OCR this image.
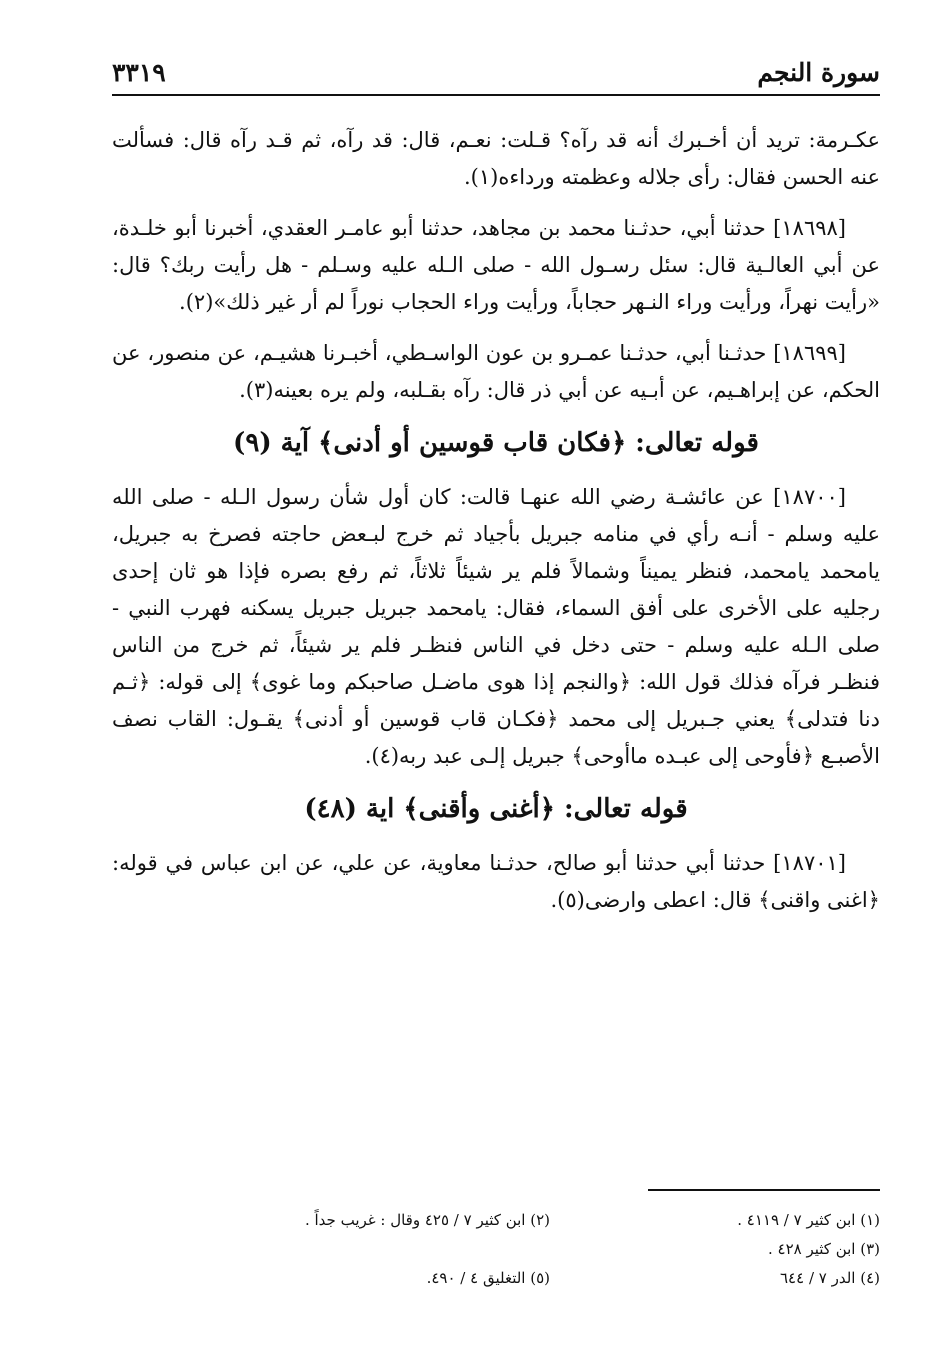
سورة النجم
٣٣١٩

عكـرمة: تريد أن أخـبرك أنه قد رآه؟ قـلت: نعـم، قال: قد رآه، ثم قـد رآه قال: فسألت عنه الحسن فقال: رأى جلاله وعظمته ورداءه(١).

[١٨٦٩٨] حدثنا أبي، حدثـنا محمد بن مجاهد، حدثنا أبو عامـر العقدي، أخبرنا أبو خلـدة، عن أبي العالـية قال: سئل رسـول الله - صلى الـله عليه وسـلم - هل رأيت ربك؟ قال: «رأيت نهراً، ورأيت وراء النـهر حجاباً، ورأيت وراء الحجاب نوراً لم أر غير ذلك»(٢).

[١٨٦٩٩] حدثـنا أبي، حدثـنا عمـرو بن عون الواسـطي، أخبـرنا هشيـم، عن منصور، عن الحكم، عن إبراهـيم، عن أبـيه عن أبي ذر قال: رآه بقـلبه، ولم يره بعينه(٣).

قوله تعالى: ﴿فكان قاب قوسين أو أدنى﴾ آية (٩)

[١٨٧٠٠] عن عائشـة رضي الله عنهـا قالت: كان أول شأن رسول الـله - صلى الله عليه وسلم - أنـه رأي في منامه جبريل بأجياد ثم خرج لبـعض حاجته فصرخ به جبريل، يامحمد يامحمد، فنظر يميناً وشمالاً فلم ير شيئاً ثلاثاً، ثم رفع بصره فإذا هو ثان إحدى رجليه على الأخرى على أفق السماء، فقال: يامحمد جبريل جبريل يسكنه فهرب النبي - صلى الـله عليه وسلم - حتى دخل في الناس فنظـر فلم ير شيئاً، ثم خرج من الناس فنظـر فرآه فذلك قول الله: ﴿والنجم إذا هوى ماضـل صاحبكم وما غوى﴾ إلى قوله: ﴿ثـم دنا فتدلى﴾ يعني جـبريل إلى محمد ﴿فكـان قاب قوسين أو أدنى﴾ يقـول: القاب نصف الأصبـع ﴿فأوحى إلى عبـده ماأوحى﴾ جبريل إلـى عبد ربه(٤).

قوله تعالى: ﴿أغنى وأقنى﴾ اية (٤٨)

[١٨٧٠١] حدثنا أبي حدثنا أبو صالح، حدثـنا معاوية، عن علي، عن ابن عباس في قوله: ﴿اغنى واقنى﴾ قال: اعطى وارضى(٥).

(١) ابن كثير ٧ / ٤١١٩ .
(٢) ابن كثير ٧ / ٤٢٥ وقال : غريب جداً .
(٣) ابن كثير ٤٢٨ .
(٤) الدر ٧ / ٦٤٤
(٥) التغليق ٤ / ٤٩٠.
